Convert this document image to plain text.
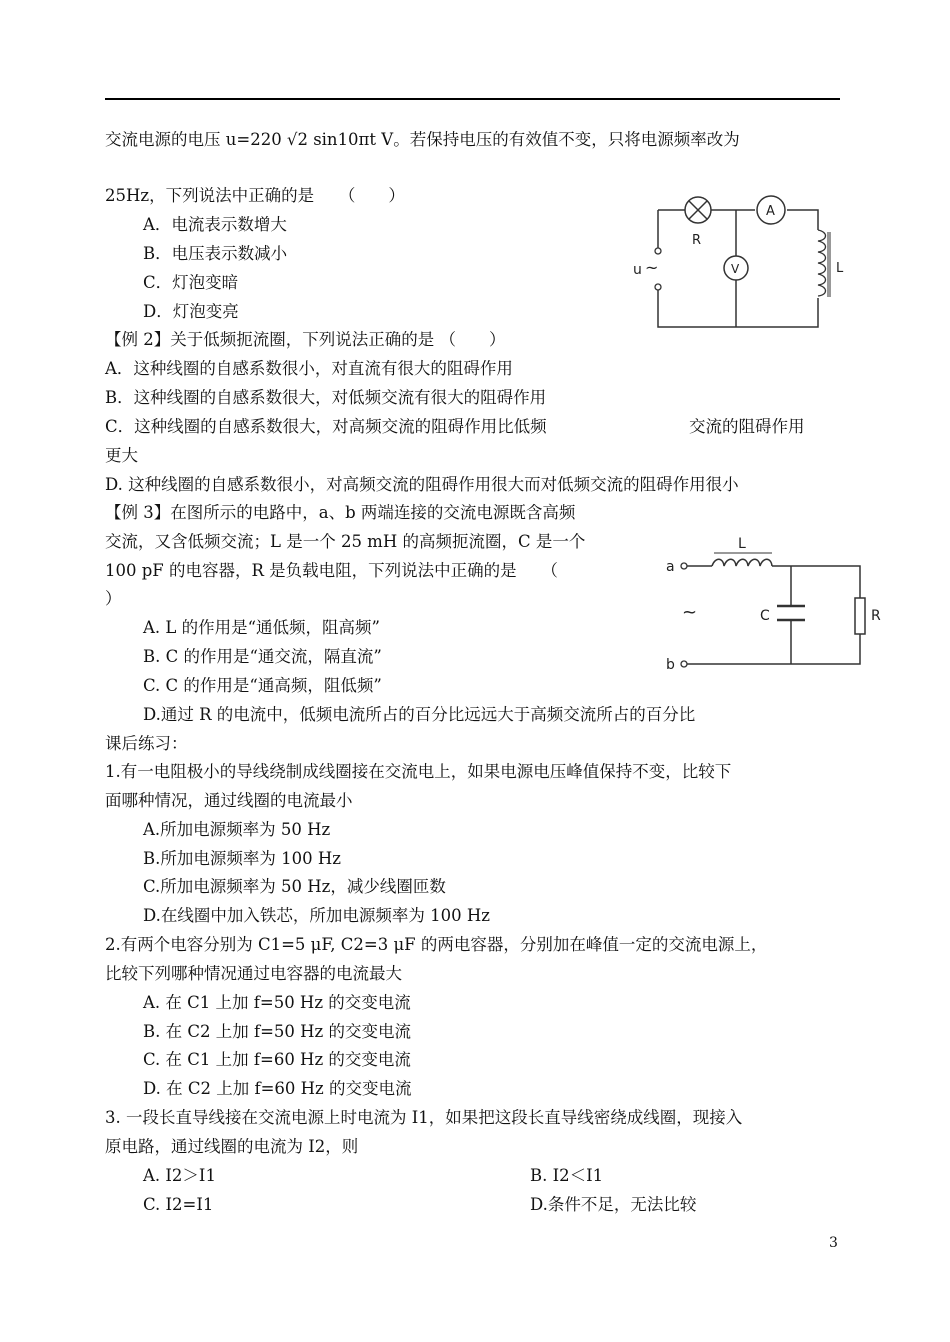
交流电源的电压 u=220 √2 sin10πt V。若保持电压的有效值不变，只将电源频率改为
25Hz，下列说法中正确的是　　（　　）
A．电流表示数增大
B．电压表示数减小
C．灯泡变暗
D．灯泡变亮
【例 2】关于低频扼流圈，下列说法正确的是 （　　）
A．这种线圈的自感系数很小，对直流有很大的阻碍作用
B．这种线圈的自感系数很大，对低频交流有很大的阻碍作用
C．这种线圈的自感系数很大，对高频交流的阻碍作用比低频	交流的阻碍作用
更大
D. 这种线圈的自感系数很小，对高频交流的阻碍作用很大而对低频交流的阻碍作用很小
【例 3】在图所示的电路中，a、b 两端连接的交流电源既含高频
交流，又含低频交流；L 是一个 25 mH 的高频扼流圈，C 是一个
100 pF 的电容器，R 是负载电阻，下列说法中正确的是　　（
）
A. L 的作用是“通低频，阻高频”
B. C 的作用是“通交流，隔直流”
C. C 的作用是“通高频，阻低频”
D.通过 R 的电流中，低频电流所占的百分比远远大于高频交流所占的百分比
课后练习：
1.有一电阻极小的导线绕制成线圈接在交流电上，如果电源电压峰值保持不变，比较下
面哪种情况，通过线圈的电流最小
A.所加电源频率为 50 Hz
B.所加电源频率为 100 Hz
C.所加电源频率为 50 Hz，减少线圈匝数
D.在线圈中加入铁芯，所加电源频率为 100 Hz
2.有两个电容分别为 C1=5 μF, C2=3 μF 的两电容器，分别加在峰值一定的交流电源上，
比较下列哪种情况通过电容器的电流最大
A. 在 C1 上加 f=50 Hz 的交变电流
B. 在 C2 上加 f=50 Hz 的交变电流
C. 在 C1 上加 f=60 Hz 的交变电流
D. 在 C2 上加 f=60 Hz 的交变电流
3. 一段长直导线接在交流电源上时电流为 I1，如果把这段长直导线密绕成线圈，现接入
原电路，通过线圈的电流为 I2，则
A. I2＞I1	B. I2＜I1
C. I2=I1	D.条件不足，无法比较
3
R
A
V
u ~	L
a
b
L
C	R
~
